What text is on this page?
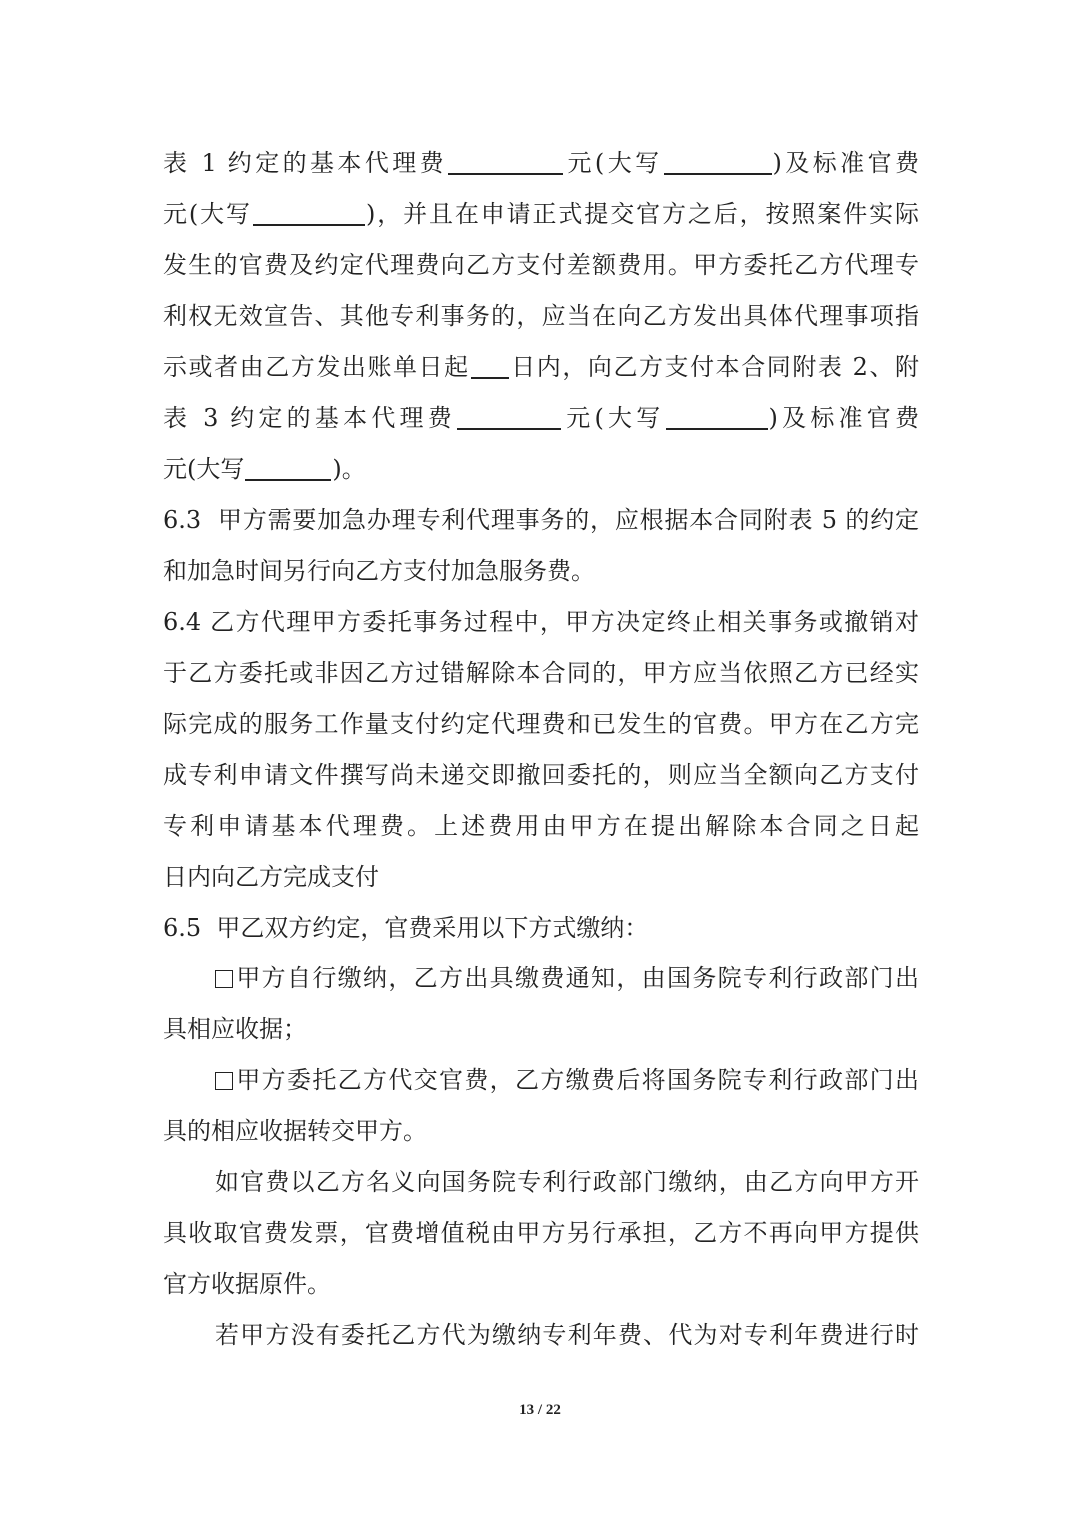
表 1 约定的基本代理费	元(大写	)及标准官费
元(大写	)，并且在申请正式提交官方之后，按照案件实际
发生的官费及约定代理费向乙方支付差额费用。甲方委托乙方代理专
利权无效宣告、其他专利事务的，应当在向乙方发出具体代理事项指
示或者由乙方发出账单日起 日内，向乙方支付本合同附表 2、附
表 3 约定的基本代理费	元(大写	)及标准官费
元(大写	)。
6.3  甲方需要加急办理专利代理事务的，应根据本合同附表 5 的约定
和加急时间另行向乙方支付加急服务费。
6.4 乙方代理甲方委托事务过程中，甲方决定终止相关事务或撤销对
于乙方委托或非因乙方过错解除本合同的，甲方应当依照乙方已经实
际完成的服务工作量支付约定代理费和已发生的官费。甲方在乙方完
成专利申请文件撰写尚未递交即撤回委托的，则应当全额向乙方支付
专利申请基本代理费。上述费用由甲方在提出解除本合同之日起
日内向乙方完成支付
6.5  甲乙双方约定，官费采用以下方式缴纳：
甲方自行缴纳，乙方出具缴费通知，由国务院专利行政部门出
具相应收据；
甲方委托乙方代交官费，乙方缴费后将国务院专利行政部门出
具的相应收据转交甲方。
如官费以乙方名义向国务院专利行政部门缴纳，由乙方向甲方开
具收取官费发票，官费增值税由甲方另行承担，乙方不再向甲方提供
官方收据原件。
若甲方没有委托乙方代为缴纳专利年费、代为对专利年费进行时
13 / 22
